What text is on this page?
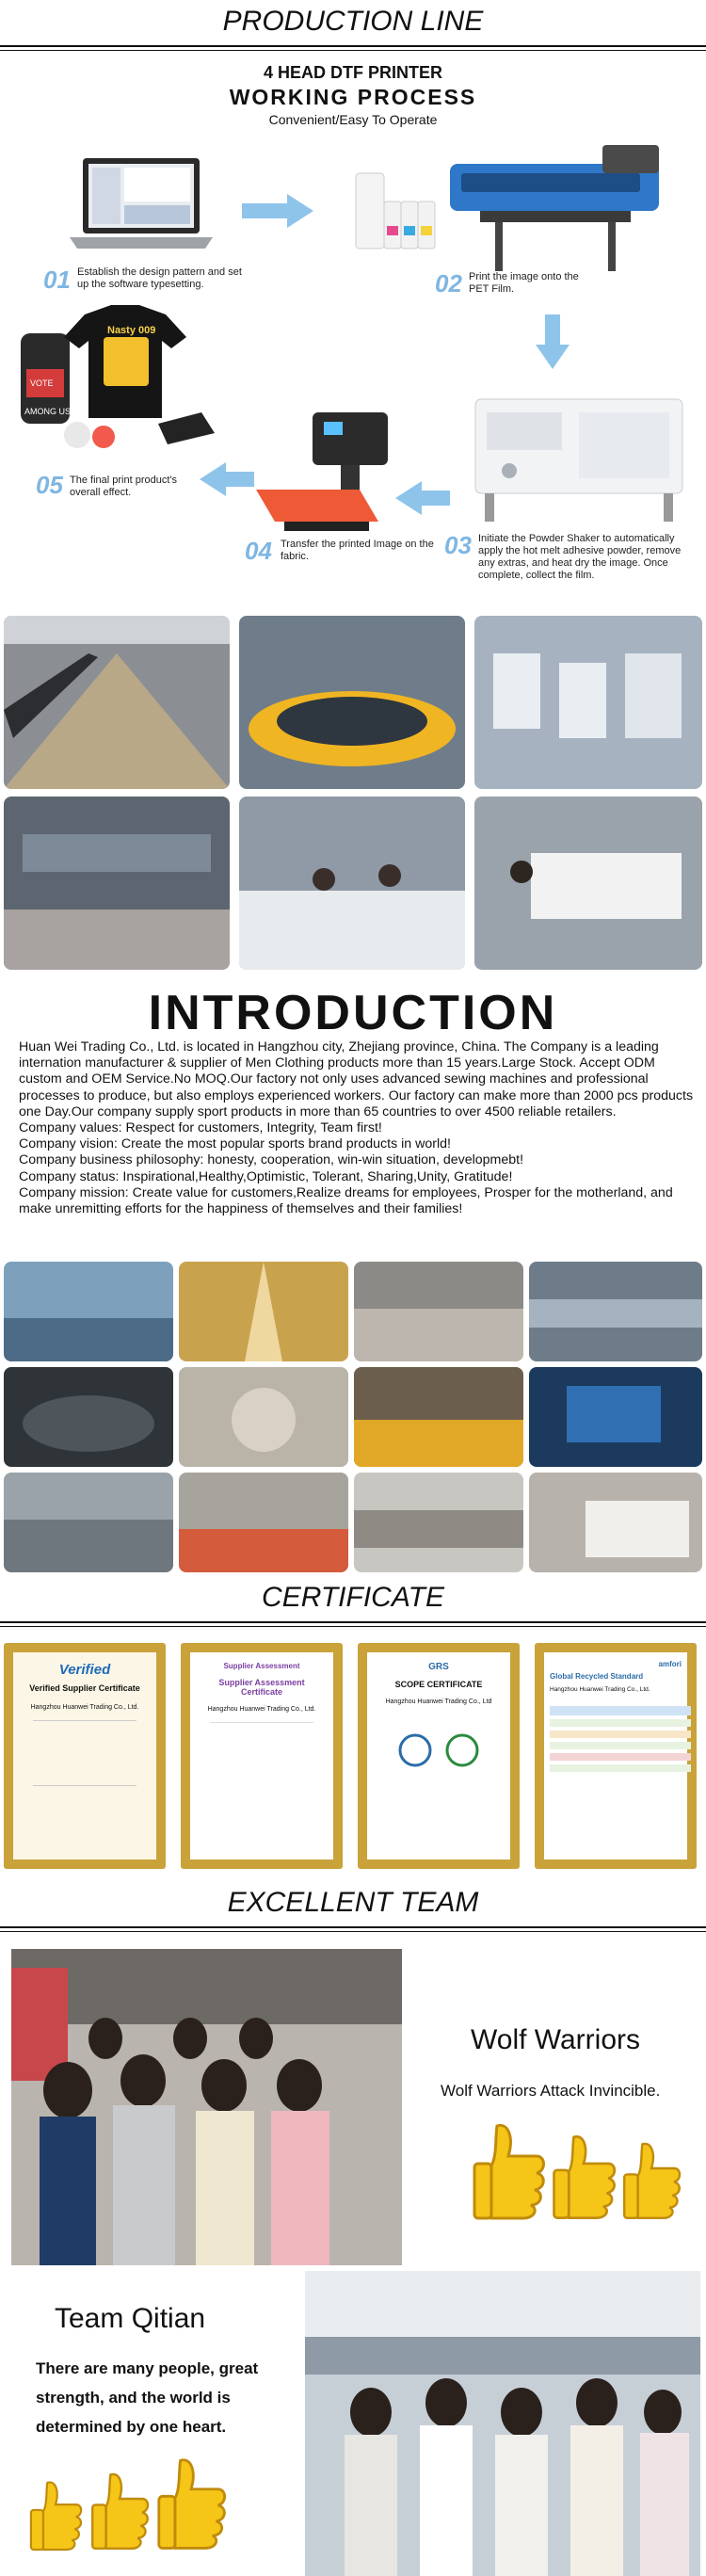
PRODUCTION LINE
4 HEAD DTF PRINTER
WORKING PROCESS
Convenient/Easy To Operate
01 Establish the design pattern and set up the software typesetting.	02 Print the image onto the PET Film.
03 Initiate the Powder Shaker to automatically apply the hot melt adhesive powder, remove any extras, and heat dry the image. Once complete, collect the film.
04 Transfer the printed Image on the fabric.
VOTE
AMONG US
Nasty 009
05 The final print product's overall effect.
INTRODUCTION

Huan Wei Trading Co., Ltd. is located in Hangzhou city, Zhejiang province, China. The Company is a leading internation manufacturer & supplier of Men Clothing products more than 15 years.Large Stock. Accept ODM custom and OEM Service.No MOQ.Our factory not only uses advanced sewing machines and professional processes to produce, but also employs experienced workers. Our factory can make more than 2000 pcs products one Day.Our company supply sport products in more than 65 countries to over 4500 reliable retailers.

Company values: Respect for customers, Integrity, Team first!

Company vision: Create the most popular sports brand products in world!

Company business philosophy: honesty, cooperation, win-win situation, developmebt!

Company status: Inspirational,Healthy,Optimistic, Tolerant, Sharing,Unity, Gratitude!

Company mission: Create value for customers,Realize dreams for employees, Prosper for the motherland, and make unremitting efforts for the happiness of themselves and their families!

CERTIFICATE
Verified
Verified Supplier Certificate
Hangzhou Huanwei Trading Co., Ltd.
Supplier Assessment
Supplier Assessment Certificate
Hangzhou Huanwei Trading Co., Ltd.
GRS
SCOPE CERTIFICATE
Hangzhou Huanwei Trading Co., Ltd
amfori
Global Recycled Standard
Hangzhou Huanwei Trading Co., Ltd.
EXCELLENT TEAM
Wolf Warriors
Wolf Warriors Attack Invincible.
Team Qitian
There are many people, great strength, and the world is determined by one heart.
